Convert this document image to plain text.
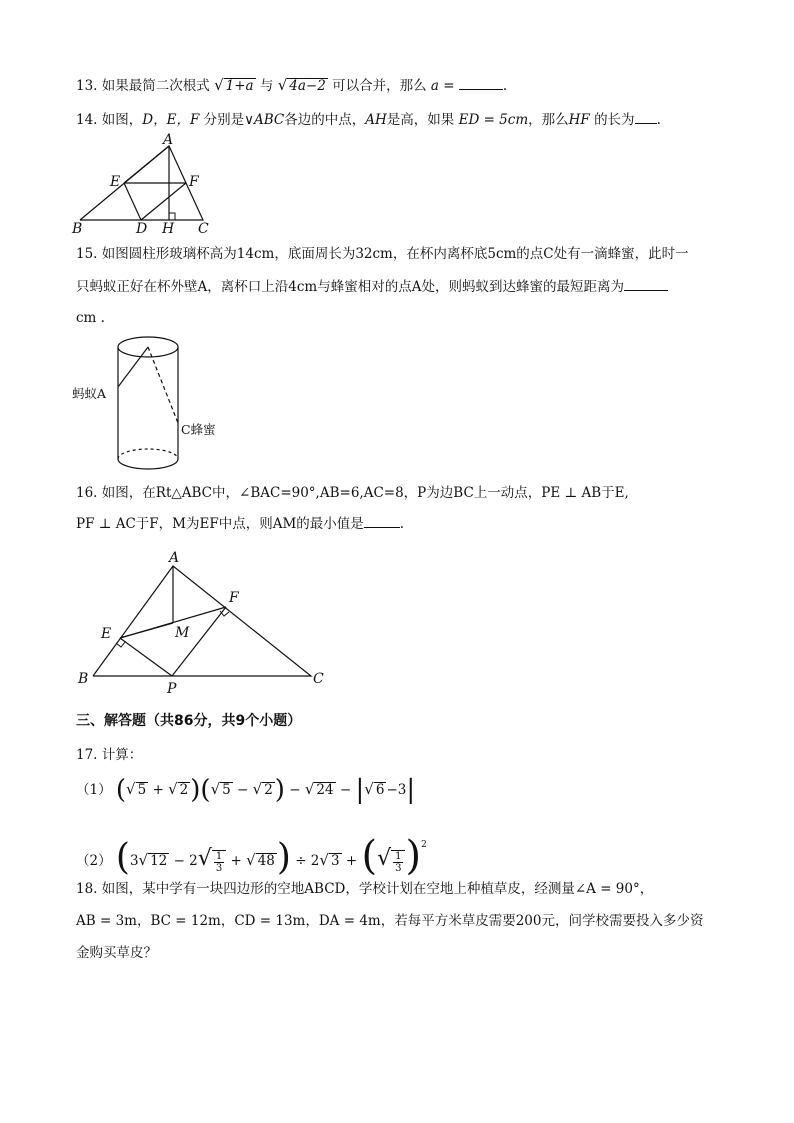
13. 如果最简二次根式 √ 1+a 与 √ 4a−2 可以合并，那么 a =	.
14. 如图，D，E，F 分别是∨ABC各边的中点，AH是高，如果 ED = 5cm，那么HF 的长为 .
A
E	F
B	D H C
15. 如图圆柱形玻璃杯高为14cm，底面周长为32cm，在杯内离杯底5cm的点C处有一滴蜂蜜，此时一
只蚂蚁正好在杯外壁A，离杯口上沿4cm与蜂蜜相对的点A处，则蚂蚁到达蜂蜜的最短距离为
cm .
蚂蚁A
C蜂蜜
16. 如图，在Rt△ABC中，∠BAC=90°,AB=6,AC=8，P为边BC上一动点，PE ⊥ AB于E,
PF ⊥ AC于F，M为EF中点，则AM的最小值是	.
A
F
E	M
B
P
C
三、解答题（共86分，共9个小题）
17. 计算：
（1） (√ 5 + √ 2)(√ 5 − √ 2) − √ 24 − |√ 6 −3|
（2） (3√ $12 - 2√ \frac{1}{3}$ + √ 48) ÷ 2√ 3 + (√ $\frac{1}{3} )^2$
18. 如图，某中学有一块四边形的空地ABCD，学校计划在空地上种植草皮，经测量∠A = 90°，
AB = 3m，BC = 12m，CD = 13m，DA = 4m，若每平方米草皮需要200元，问学校需要投入多少资
金购买草皮？
